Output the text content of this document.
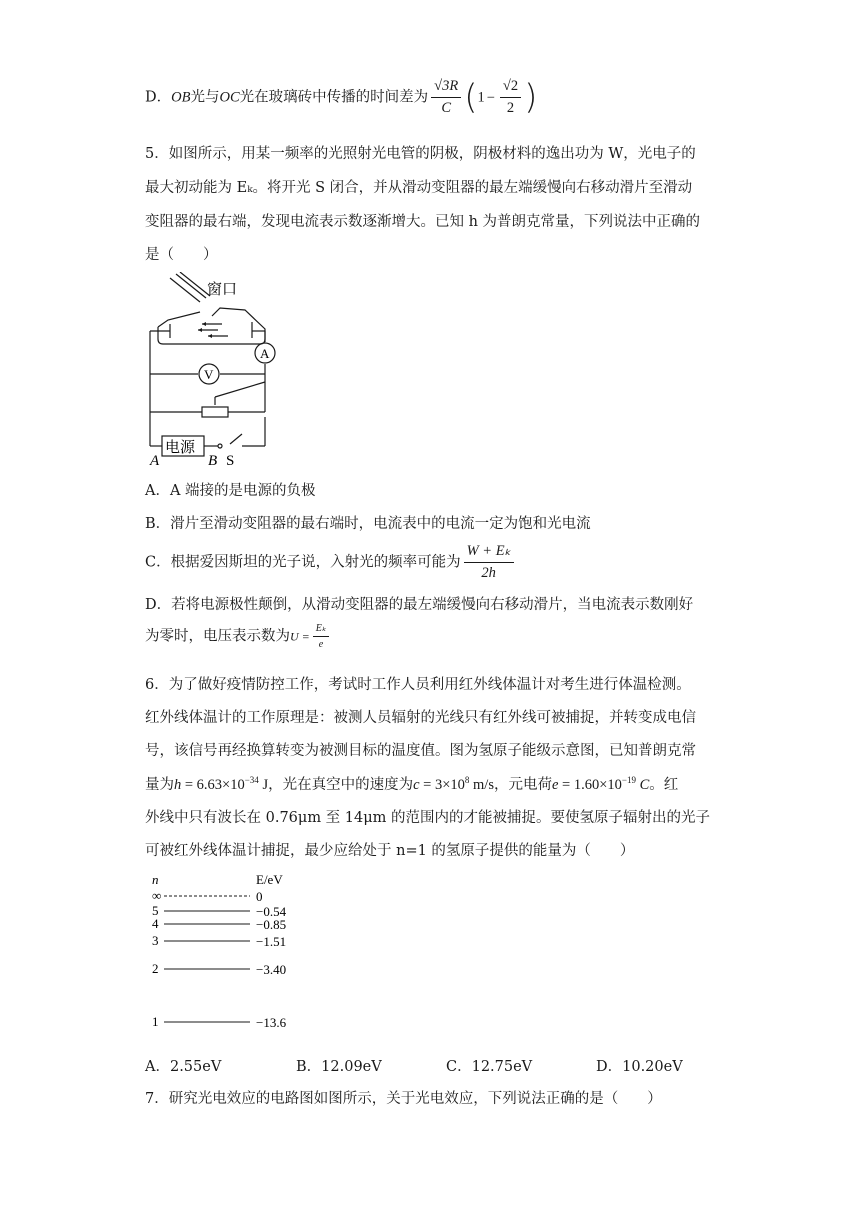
D．OB光与OC光在玻璃砖中传播的时间差为 $\frac{√3R}{C} (1 - \frac{√2}{2}$ )
5．如图所示，用某一频率的光照射光电管的阴极，阴极材料的逸出功为 W，光电子的
最大初动能为 Eₖ。将开光 S 闭合，并从滑动变阻器的最左端缓慢向右移动滑片至滑动
变阻器的最右端，发现电流表示数逐渐增大。已知 h 为普朗克常量，下列说法中正确的
是（　　）
窗口
A
V
电源
A	B S
A．A 端接的是电源的负极
B．滑片至滑动变阻器的最右端时，电流表中的电流一定为饱和光电流
C．根据爱因斯坦的光子说，入射光的频率可能为 $\frac{\text{W + Eₖ}}{2h}$
D．若将电源极性颠倒，从滑动变阻器的最左端缓慢向右移动滑片，当电流表示数刚好
为零时，电压表示数为$U = \frac{\text{Eₖ}}{e}$
6．为了做好疫情防控工作，考试时工作人员利用红外线体温计对考生进行体温检测。
红外线体温计的工作原理是：被测人员辐射的光线只有红外线可被捕捉，并转变成电信
号，该信号再经换算转变为被测目标的温度值。图为氢原子能级示意图，已知普朗克常
量为$h = 6.63\times 10^{-34}$ J，光在真空中的速度为$c = 3\times 10^8$ m/s，元电荷$e = 1.60\times 10^{-19}$ C。红
外线中只有波长在 0.76μm 至 14μm 的范围内的才能被捕捉。要使氢原子辐射出的光子
可被红外线体温计捕捉，最少应给处于 n=1 的氢原子提供的能量为（　　）
n	E/eV
∞	0
5	−0.54
4	−0.85
3	−1.51
2	−3.40
1	−13.6
A．2.55eV	B．12.09eV	C．12.75eV	D．10.20eV
7．研究光电效应的电路图如图所示，关于光电效应，下列说法正确的是（　　）
